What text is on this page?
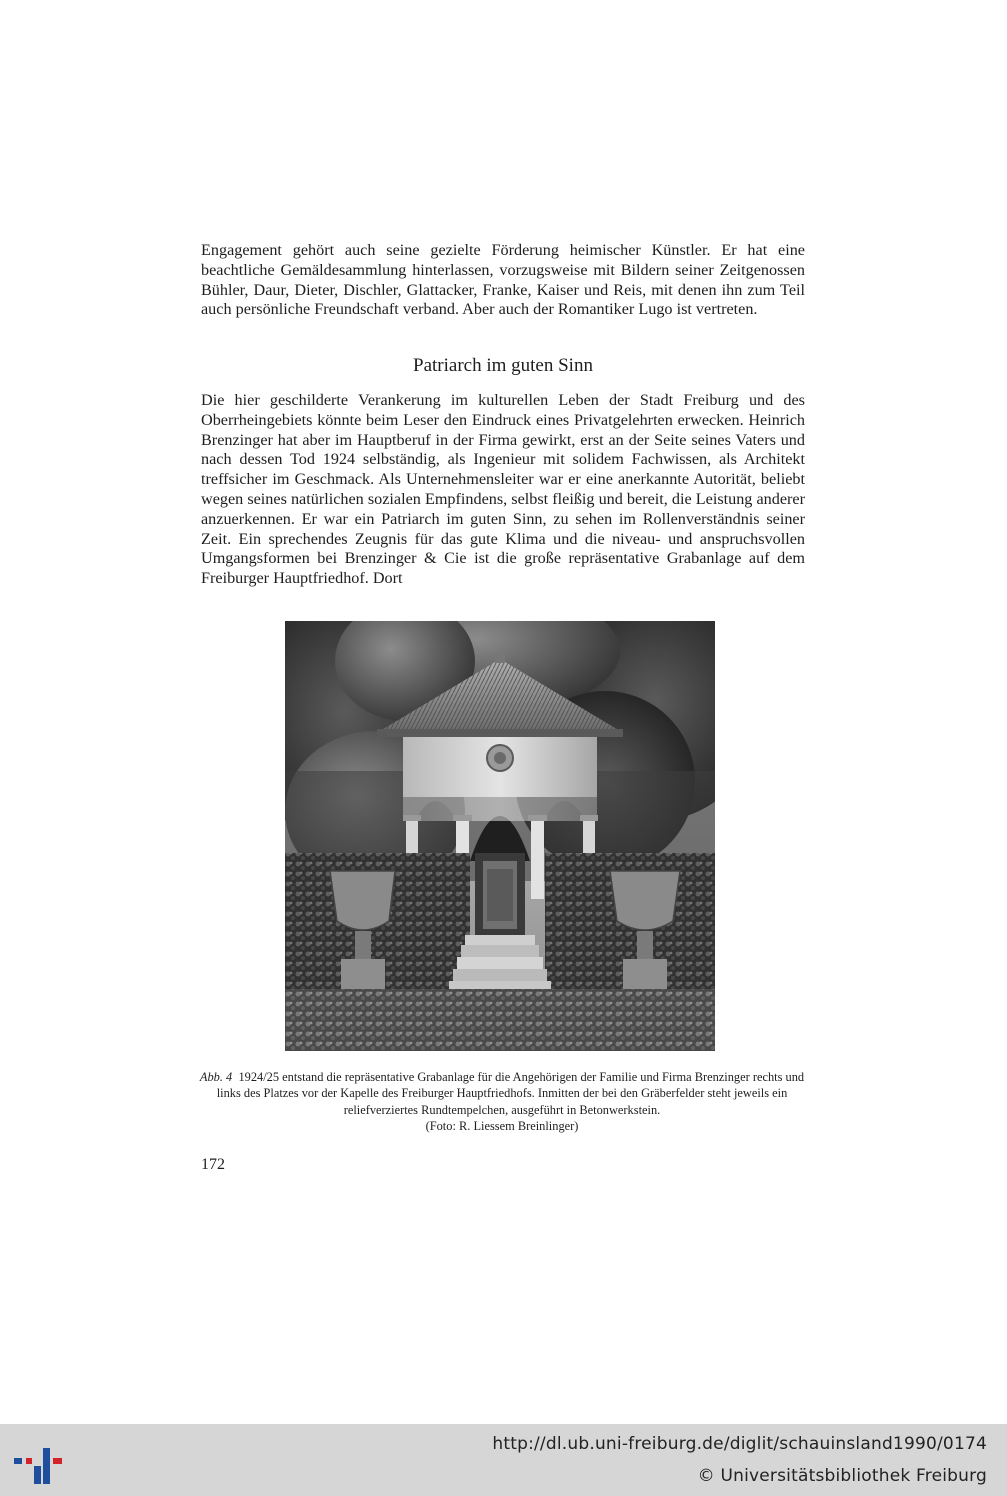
Engagement gehört auch seine gezielte Förderung heimischer Künstler. Er hat eine beachtliche Gemäldesammlung hinterlassen, vorzugsweise mit Bildern seiner Zeitgenossen Bühler, Daur, Dieter, Dischler, Glattacker, Franke, Kaiser und Reis, mit denen ihn zum Teil auch persönliche Freundschaft verband. Aber auch der Romantiker Lugo ist vertreten.

Patriarch im guten Sinn

Die hier geschilderte Verankerung im kulturellen Leben der Stadt Freiburg und des Oberrheingebiets könnte beim Leser den Eindruck eines Privatgelehrten erwecken. Heinrich Brenzinger hat aber im Hauptberuf in der Firma gewirkt, erst an der Seite seines Vaters und nach dessen Tod 1924 selbständig, als Ingenieur mit solidem Fachwissen, als Architekt treffsicher im Geschmack. Als Unternehmensleiter war er eine anerkannte Autorität, beliebt wegen seines natürlichen sozialen Empfindens, selbst fleißig und bereit, die Leistung anderer anzuerkennen. Er war ein Patriarch im guten Sinn, zu sehen im Rollenverständnis seiner Zeit. Ein sprechendes Zeugnis für das gute Klima und die niveau- und anspruchsvollen Umgangsformen bei Brenzinger & Cie ist die große repräsentative Grabanlage auf dem Freiburger Hauptfriedhof. Dort

Abb. 4 1924/25 entstand die repräsentative Grabanlage für die Angehörigen der Familie und Firma Brenzinger rechts und links des Platzes vor der Kapelle des Freiburger Hauptfriedhofs. Inmitten der bei den Gräberfelder steht jeweils ein reliefverziertes Rundtempelchen, ausgeführt in Betonwerkstein.
(Foto: R. Liessem Breinlinger)

172
http://dl.ub.uni-freiburg.de/diglit/schauinsland1990/0174
© Universitätsbibliothek Freiburg
